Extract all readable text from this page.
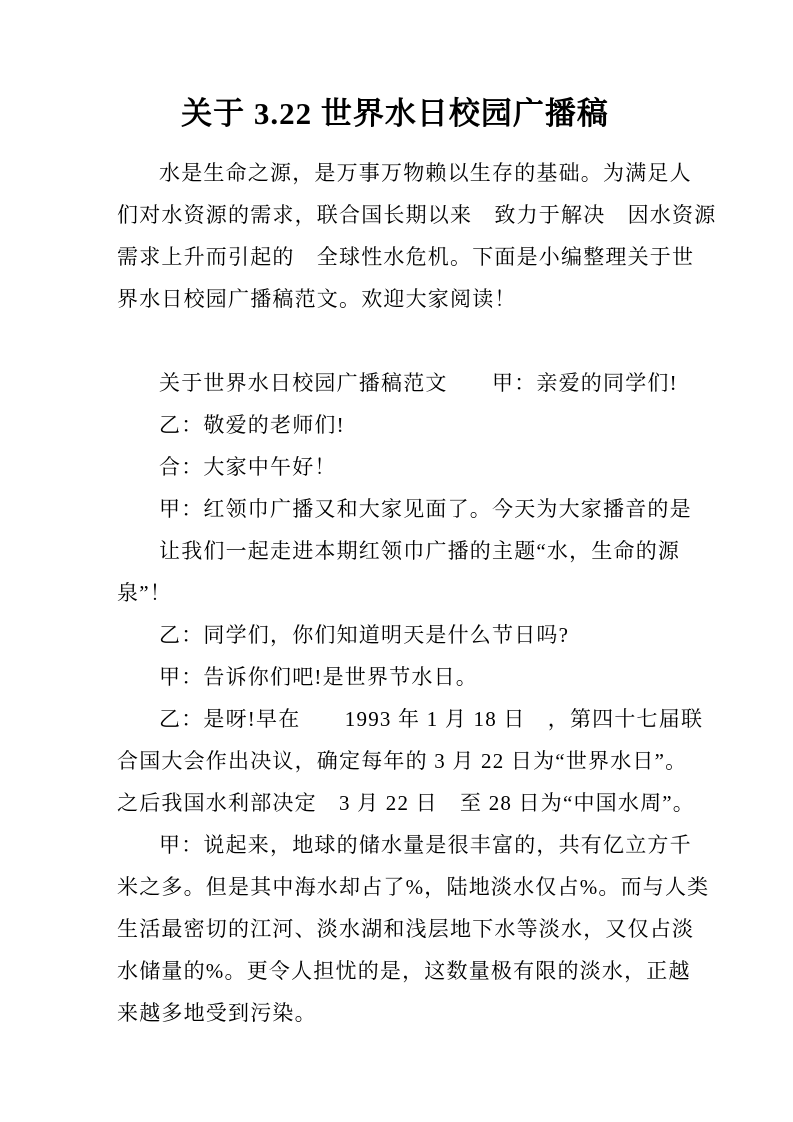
关于 3.22 世界水日校园广播稿
水是生命之源，是万事万物赖以生存的基础。为满足人
们对水资源的需求，联合国长期以来　致力于解决　因水资源
需求上升而引起的　全球性水危机。下面是小编整理关于世
界水日校园广播稿范文。欢迎大家阅读！
关于世界水日校园广播稿范文　　甲：亲爱的同学们!
乙：敬爱的老师们!
合：大家中午好！
甲：红领巾广播又和大家见面了。今天为大家播音的是
让我们一起走进本期红领巾广播的主题“水，生命的源
泉”！
乙：同学们，你们知道明天是什么节日吗?
甲：告诉你们吧!是世界节水日。
乙：是呀!早在　　1993 年 1 月 18 日　，第四十七届联
合国大会作出决议，确定每年的 3 月 22 日为“世界水日”。
之后我国水利部决定　3 月 22 日　至 28 日为“中国水周”。
甲：说起来，地球的储水量是很丰富的，共有亿立方千
米之多。但是其中海水却占了%，陆地淡水仅占%。而与人类
生活最密切的江河、淡水湖和浅层地下水等淡水，又仅占淡
水储量的%。更令人担忧的是，这数量极有限的淡水，正越
来越多地受到污染。
